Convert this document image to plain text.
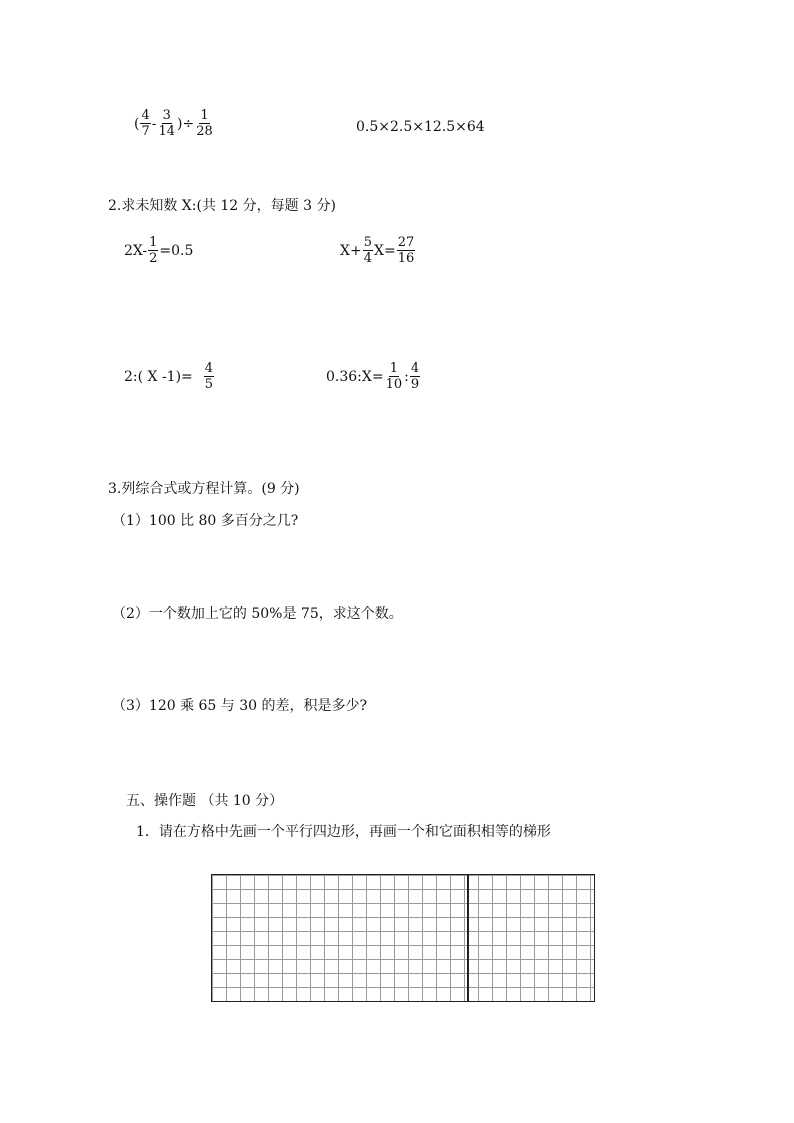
( $\frac{4}{7} - \frac{3}{14}$ )÷ $\frac{1}{28}$	0.5×2.5×12.5×64
2.求未知数 X:(共 12 分，每题 3 分)
$2X- \frac{1}{2} =0.5$	$X+ \frac{5}{4} X= \frac{27}{16}$
2:( X $-1)= \frac{4}{5}$	0.36:X= $\frac{1}{10}$ : $\frac{4}{9}$
3.列综合式或方程计算。(9 分)
（1）100 比 80 多百分之几?
（2）一个数加上它的 50%是 75，求这个数。
（3）120 乘 65 与 30 的差，积是多少?
五、操作题 （共 10 分）
1．请在方格中先画一个平行四边形，再画一个和它面积相等的梯形
